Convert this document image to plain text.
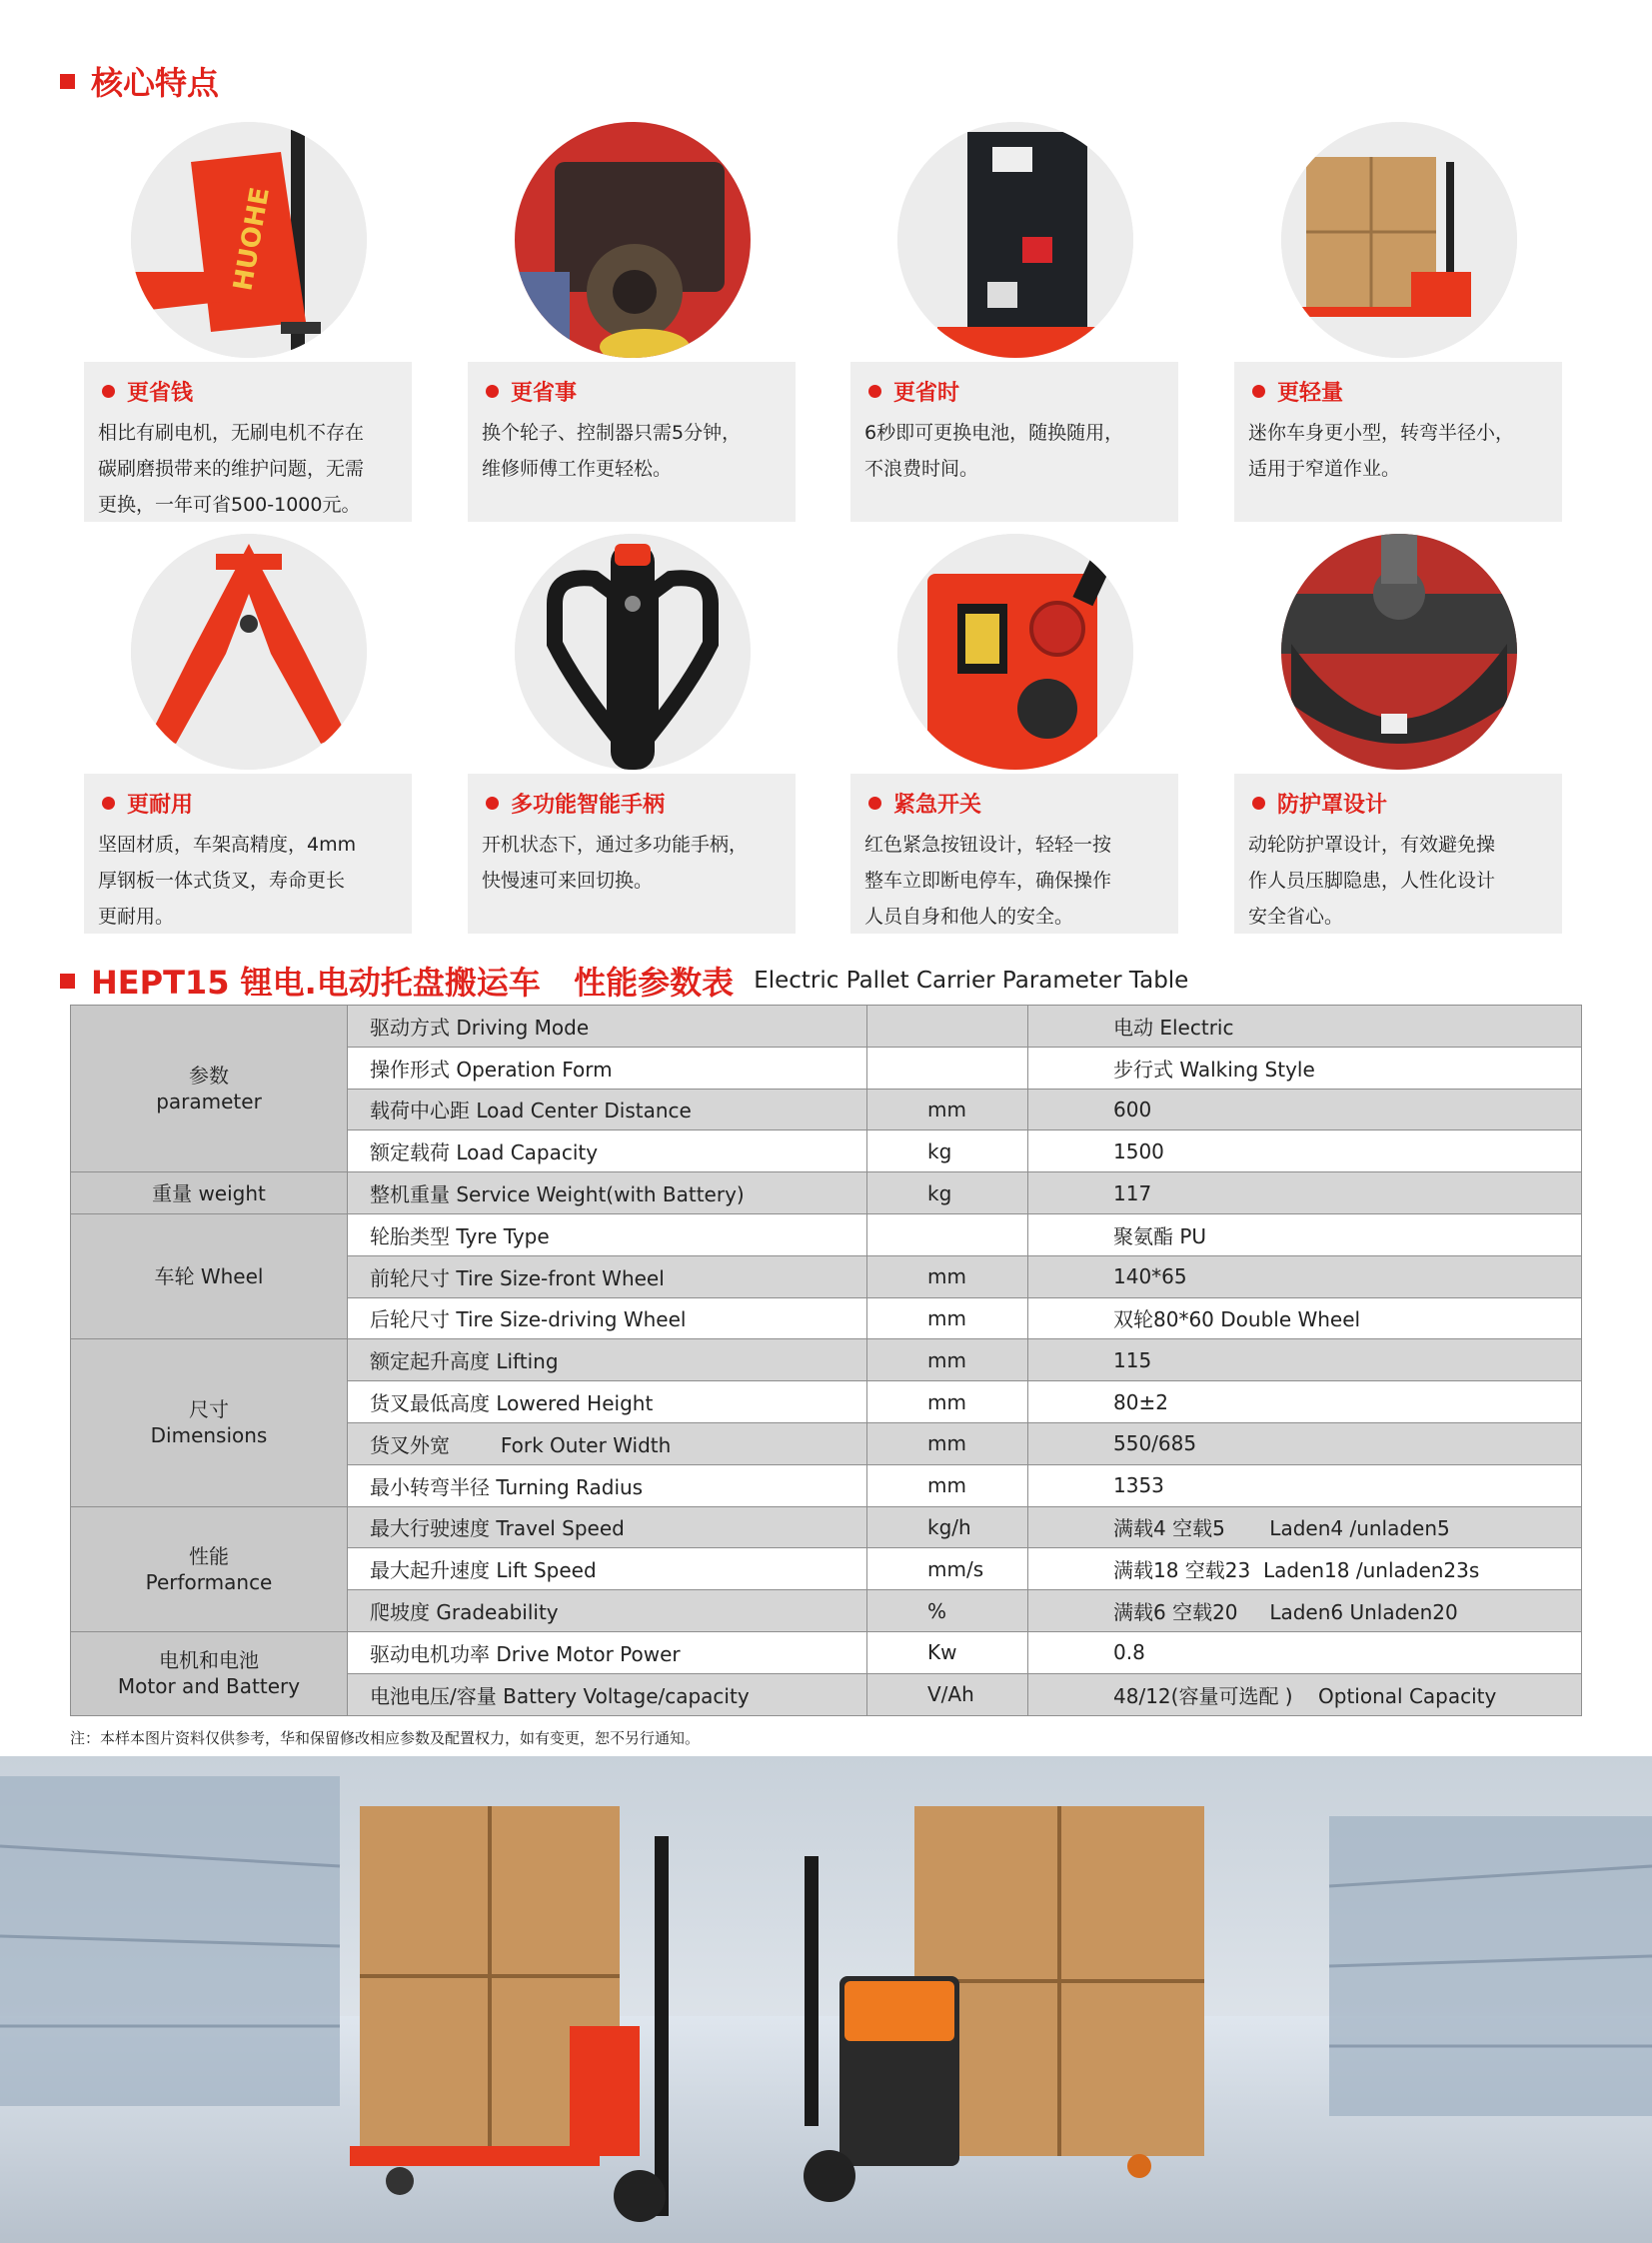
核心特点
HUOHE
更省钱
相比有刷电机，无刷电机不存在
碳刷磨损带来的维护问题，无需
更换，一年可省500-1000元。
更省事
换个轮子、控制器只需5分钟，
维修师傅工作更轻松。
更省时
6秒即可更换电池，随换随用，
不浪费时间。
更轻量
迷你车身更小型，转弯半径小，
适用于窄道作业。
更耐用
坚固材质，车架高精度，4mm
厚钢板一体式货叉，寿命更长
更耐用。
多功能智能手柄
开机状态下，通过多功能手柄，
快慢速可来回切换。
紧急开关
红色紧急按钮设计，轻轻一按
整车立即断电停车，确保操作
人员自身和他人的安全。
防护罩设计
动轮防护罩设计，有效避免操
作人员压脚隐患，人性化设计
安全省心。
HEPT15 锂电.电动托盘搬运车   性能参数表 Electric Pallet Carrier Parameter Table
参数
parameter	驱动方式 Driving Mode		电动 Electric
	操作形式 Operation Form		步行式 Walking Style
	载荷中心距 Load Center Distance	mm	600
	额定载荷 Load Capacity	kg	1500
重量 weight	整机重量 Service Weight(with Battery)	kg	117
车轮 Wheel	轮胎类型 Tyre Type		聚氨酯 PU
	前轮尺寸 Tire Size-front Wheel	mm	140*65
	后轮尺寸 Tire Size-driving Wheel	mm	双轮80*60 Double Wheel

尺寸
Dimensions	额定起升高度 Lifting	mm	115
	货叉最低高度 Lowered Height	mm	80±2
	货叉外宽        Fork Outer Width	mm	550/685
	最小转弯半径 Turning Radius	mm	1353

性能
Performance	最大行驶速度 Travel Speed	kg/h	满载4 空载5       Laden4 /unladen5
	最大起升速度 Lift Speed	mm/s	满载18 空载23  Laden18 /unladen23s
	爬坡度 Gradeability	%	满载6 空载20     Laden6 Unladen20

电机和电池
Motor and Battery	驱动电机功率 Drive Motor Power	Kw	0.8
	电池电压/容量 Battery Voltage/capacity	V/Ah	48/12(容量可选配 )    Optional Capacity
注：本样本图片资料仅供参考，华和保留修改相应参数及配置权力，如有变更，恕不另行通知。
